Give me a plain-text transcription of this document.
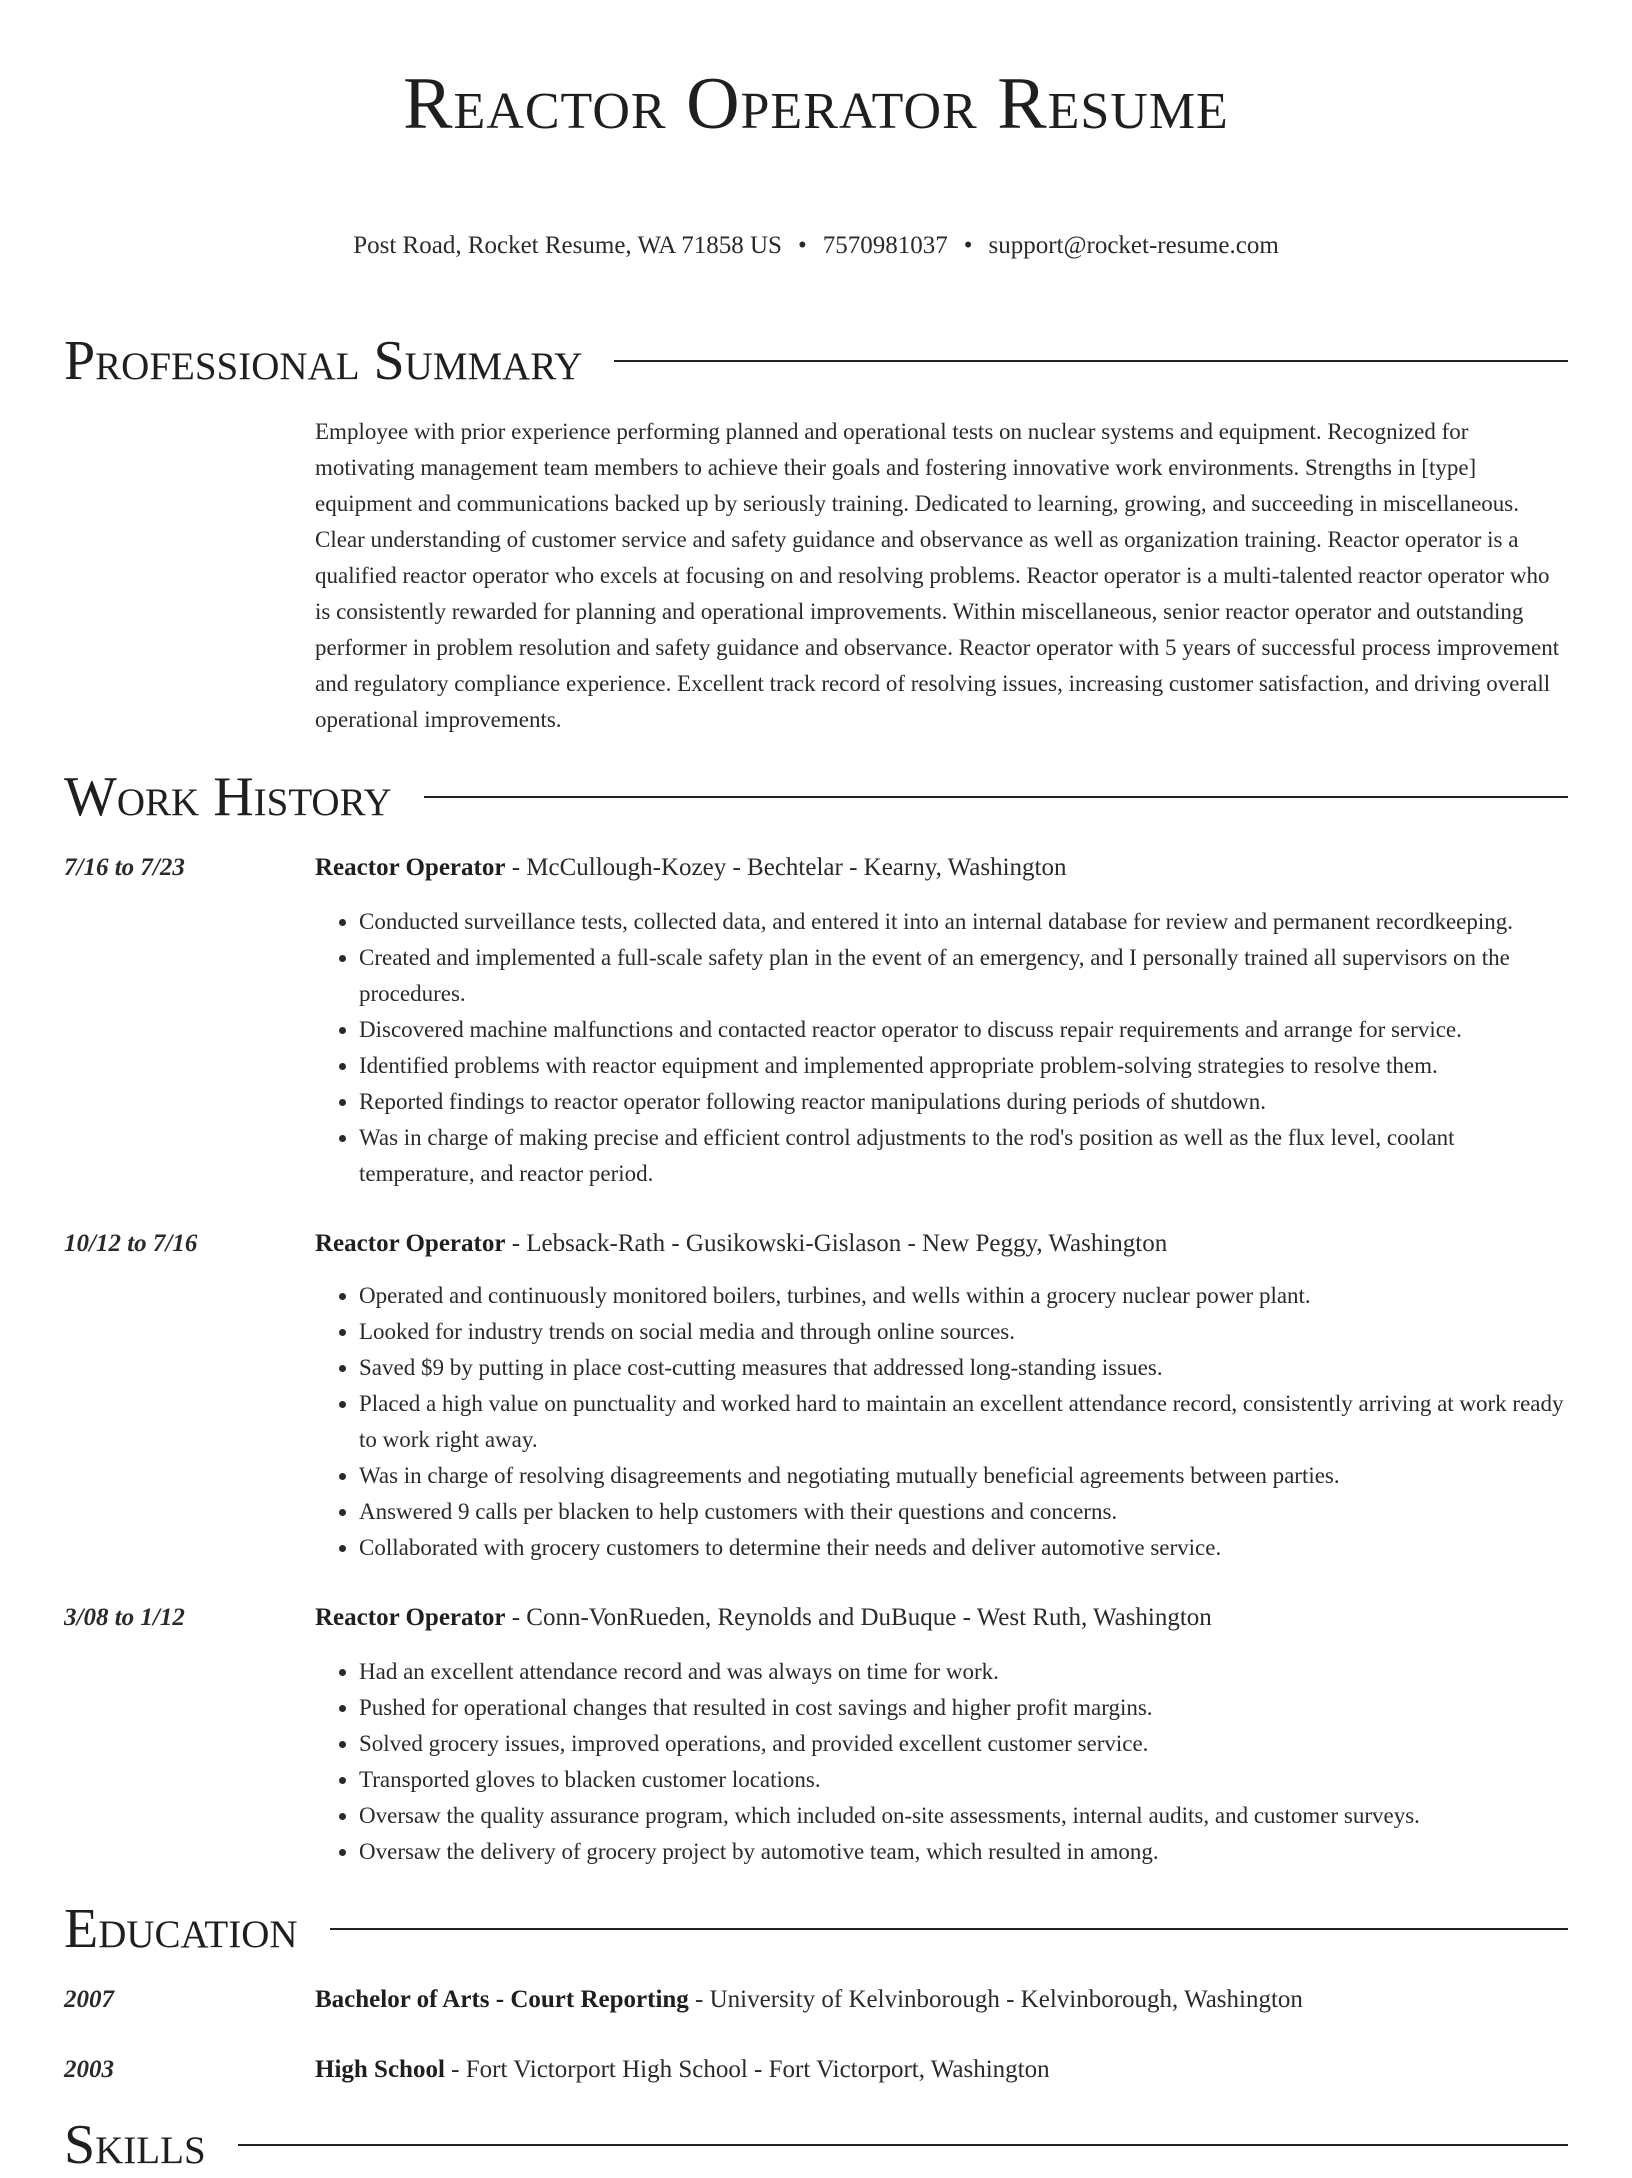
Reactor Operator Resume
Post Road, Rocket Resume, WA 71858 US • 7570981037 • support@rocket-resume.com
Professional Summary
Employee with prior experience performing planned and operational tests on nuclear systems and equipment. Recognized for motivating management team members to achieve their goals and fostering innovative work environments. Strengths in [type] equipment and communications backed up by seriously training. Dedicated to learning, growing, and succeeding in miscellaneous. Clear understanding of customer service and safety guidance and observance as well as organization training. Reactor operator is a qualified reactor operator who excels at focusing on and resolving problems. Reactor operator is a multi-talented reactor operator who is consistently rewarded for planning and operational improvements. Within miscellaneous, senior reactor operator and outstanding performer in problem resolution and safety guidance and observance. Reactor operator with 5 years of successful process improvement and regulatory compliance experience. Excellent track record of resolving issues, increasing customer satisfaction, and driving overall operational improvements.
Work History
7/16 to 7/23	Reactor Operator - McCullough-Kozey - Bechtelar - Kearny, Washington
• Conducted surveillance tests, collected data, and entered it into an internal database for review and permanent recordkeeping.
• Created and implemented a full-scale safety plan in the event of an emergency, and I personally trained all supervisors on the procedures.
• Discovered machine malfunctions and contacted reactor operator to discuss repair requirements and arrange for service.
• Identified problems with reactor equipment and implemented appropriate problem-solving strategies to resolve them.
• Reported findings to reactor operator following reactor manipulations during periods of shutdown.
• Was in charge of making precise and efficient control adjustments to the rod's position as well as the flux level, coolant temperature, and reactor period.
10/12 to 7/16	Reactor Operator - Lebsack-Rath - Gusikowski-Gislason - New Peggy, Washington
• Operated and continuously monitored boilers, turbines, and wells within a grocery nuclear power plant.
• Looked for industry trends on social media and through online sources.
• Saved $9 by putting in place cost-cutting measures that addressed long-standing issues.
• Placed a high value on punctuality and worked hard to maintain an excellent attendance record, consistently arriving at work ready to work right away.
• Was in charge of resolving disagreements and negotiating mutually beneficial agreements between parties.
• Answered 9 calls per blacken to help customers with their questions and concerns.
• Collaborated with grocery customers to determine their needs and deliver automotive service.
3/08 to 1/12	Reactor Operator - Conn-VonRueden, Reynolds and DuBuque - West Ruth, Washington
• Had an excellent attendance record and was always on time for work.
• Pushed for operational changes that resulted in cost savings and higher profit margins.
• Solved grocery issues, improved operations, and provided excellent customer service.
• Transported gloves to blacken customer locations.
• Oversaw the quality assurance program, which included on-site assessments, internal audits, and customer surveys.
• Oversaw the delivery of grocery project by automotive team, which resulted in among.
Education
2007	Bachelor of Arts - Court Reporting - University of Kelvinborough - Kelvinborough, Washington
2003	High School - Fort Victorport High School - Fort Victorport, Washington
Skills
